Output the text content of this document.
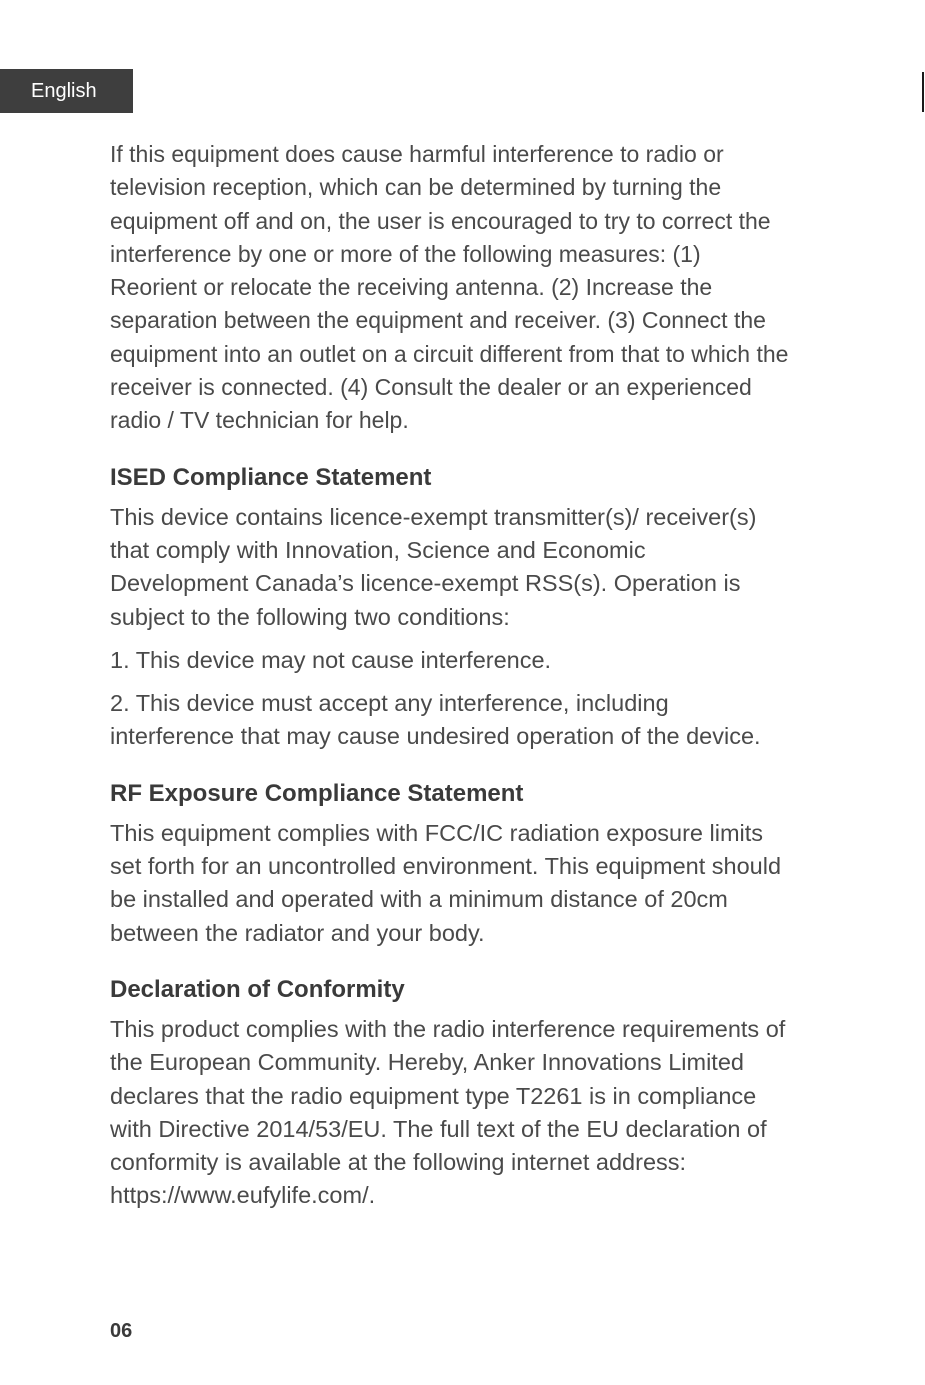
English

If this equipment does cause harmful interference to radio or television reception, which can be determined by turning the equipment off and on, the user is encouraged to try to correct the interference by one or more of the following measures: (1) Reorient or relocate the receiving antenna. (2) Increase the separation between the equipment and receiver. (3) Connect the equipment into an outlet on a circuit different from that to which the receiver is connected. (4) Consult the dealer or an experienced radio / TV technician for help.

ISED Compliance Statement

This device contains licence-exempt transmitter(s)/ receiver(s) that comply with Innovation, Science and Economic Development Canada’s licence-exempt RSS(s). Operation is subject to the following two conditions:

1. This device may not cause interference.

2. This device must accept any interference, including interference that may cause undesired operation of the device.

RF Exposure Compliance Statement

This equipment complies with FCC/IC radiation exposure limits set forth for an uncontrolled environment. This equipment should be installed and operated with a minimum distance of 20cm between the radiator and your body.

Declaration of Conformity

This product complies with the radio interference requirements of the European Community. Hereby, Anker Innovations Limited declares that the radio equipment type T2261 is in compliance with Directive 2014/53/EU. The full text of the EU declaration of conformity is available at the following internet address: https://www.eufylife.com/.

06
